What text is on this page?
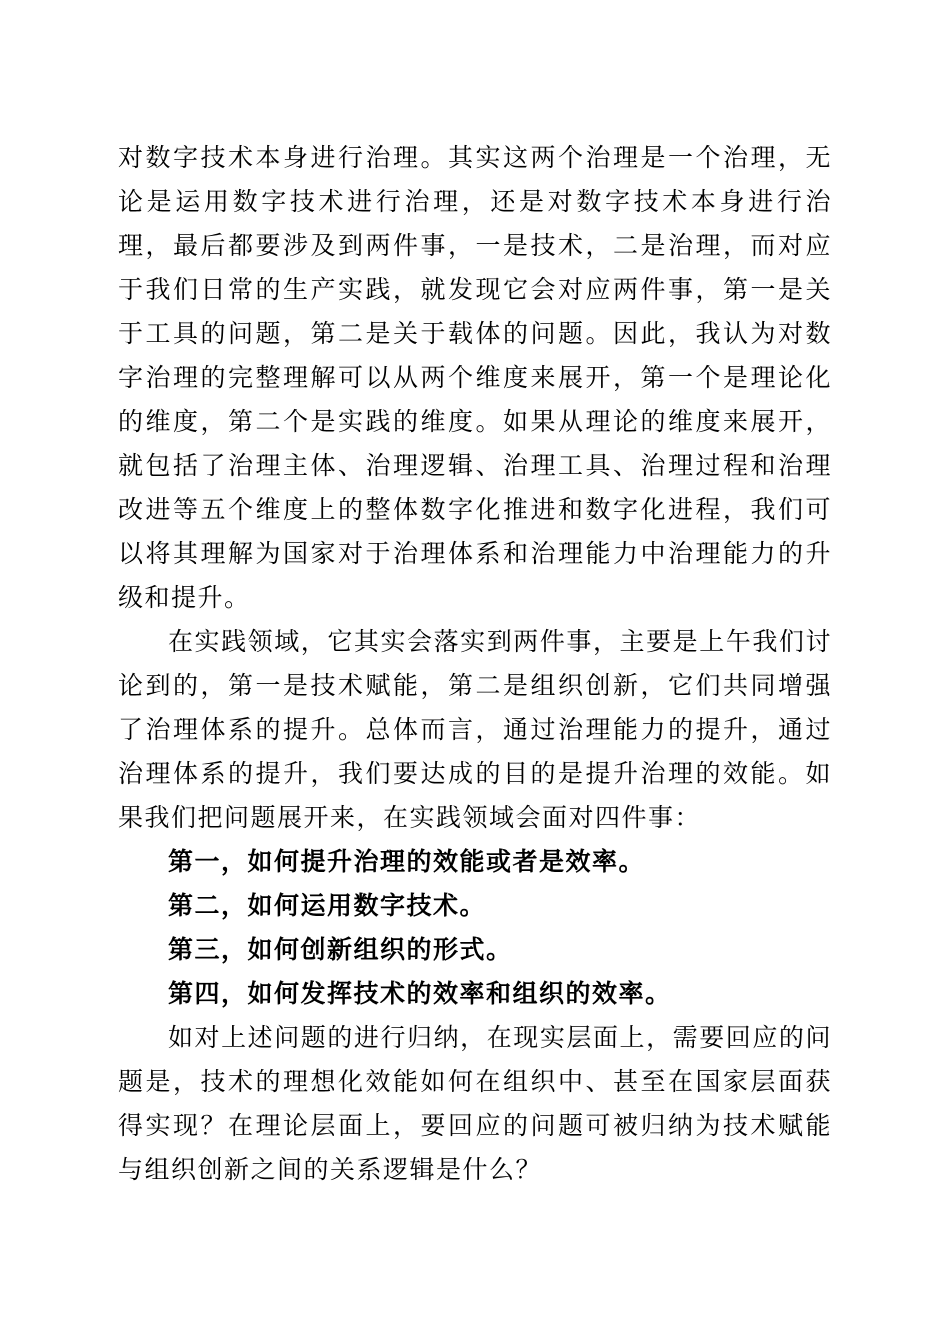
对数字技术本身进行治理。其实这两个治理是一个治理，无论是运用数字技术进行治理，还是对数字技术本身进行治理，最后都要涉及到两件事，一是技术，二是治理，而对应于我们日常的生产实践，就发现它会对应两件事，第一是关于工具的问题，第二是关于载体的问题。因此，我认为对数字治理的完整理解可以从两个维度来展开，第一个是理论化的维度，第二个是实践的维度。如果从理论的维度来展开，就包括了治理主体、治理逻辑、治理工具、治理过程和治理改进等五个维度上的整体数字化推进和数字化进程，我们可以将其理解为国家对于治理体系和治理能力中治理能力的升级和提升。

在实践领域，它其实会落实到两件事，主要是上午我们讨论到的，第一是技术赋能，第二是组织创新，它们共同增强了治理体系的提升。总体而言，通过治理能力的提升，通过治理体系的提升，我们要达成的目的是提升治理的效能。如果我们把问题展开来，在实践领域会面对四件事：

第一，如何提升治理的效能或者是效率。

第二，如何运用数字技术。

第三，如何创新组织的形式。

第四，如何发挥技术的效率和组织的效率。

如对上述问题的进行归纳，在现实层面上，需要回应的问题是，技术的理想化效能如何在组织中、甚至在国家层面获得实现？在理论层面上，要回应的问题可被归纳为技术赋能与组织创新之间的关系逻辑是什么？
